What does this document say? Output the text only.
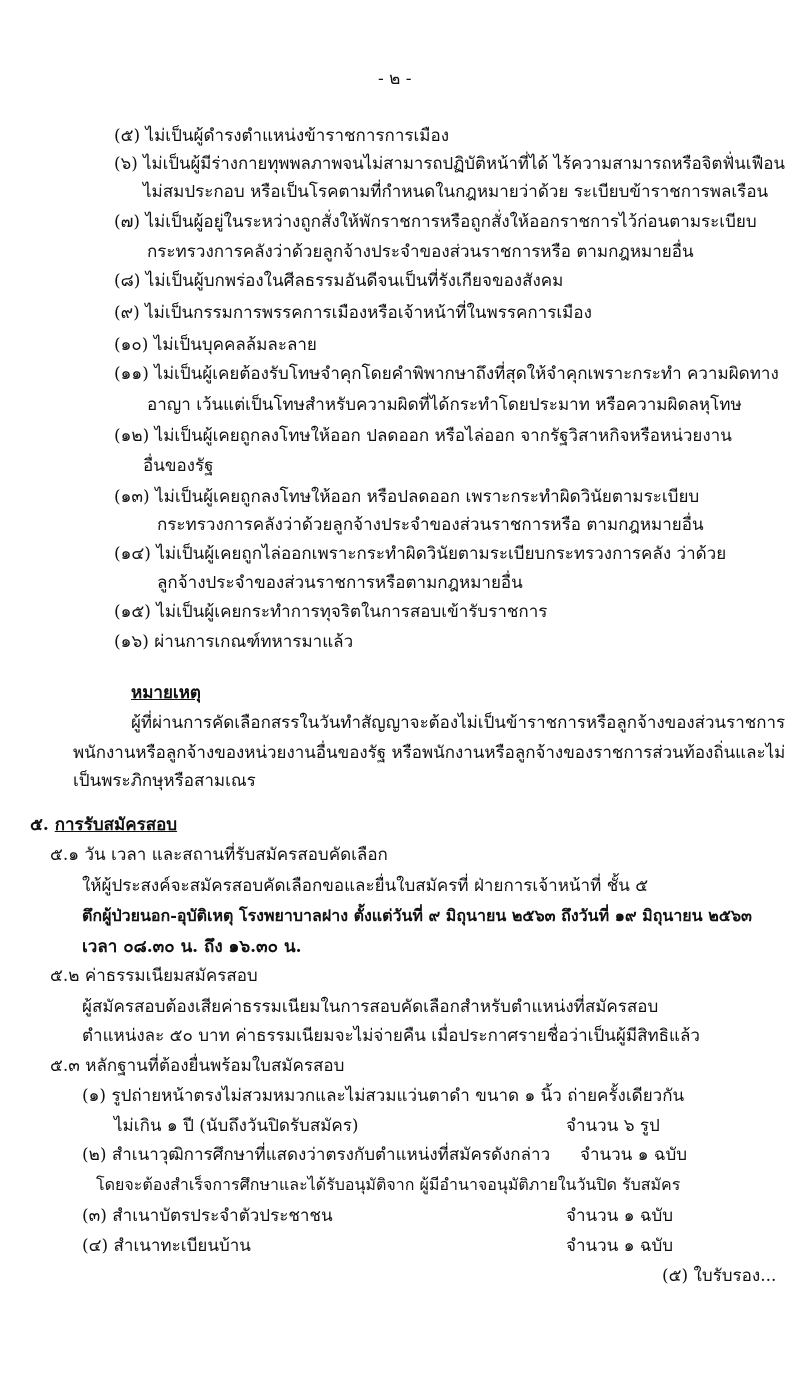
- ๒ -
(๕) ไม่เป็นผู้ดำรงตำแหน่งข้าราชการการเมือง
(๖) ไม่เป็นผู้มีร่างกายทุพพลภาพจนไม่สามารถปฏิบัติหน้าที่ได้ ไร้ความสามารถหรือจิตฟั่นเฟือน
ไม่สมประกอบ หรือเป็นโรคตามที่กำหนดในกฎหมายว่าด้วย ระเบียบข้าราชการพลเรือน
(๗) ไม่เป็นผู้อยู่ในระหว่างถูกสั่งให้พักราชการหรือถูกสั่งให้ออกราชการไว้ก่อนตามระเบียบ
กระทรวงการคลังว่าด้วยลูกจ้างประจำของส่วนราชการหรือ ตามกฎหมายอื่น
(๘) ไม่เป็นผู้บกพร่องในศีลธรรมอันดีจนเป็นที่รังเกียจของสังคม
(๙) ไม่เป็นกรรมการพรรคการเมืองหรือเจ้าหน้าที่ในพรรคการเมือง
(๑๐) ไม่เป็นบุคคลล้มละลาย
(๑๑) ไม่เป็นผู้เคยต้องรับโทษจำคุกโดยคำพิพากษาถึงที่สุดให้จำคุกเพราะกระทำ ความผิดทาง
อาญา เว้นแต่เป็นโทษสำหรับความผิดที่ได้กระทำโดยประมาท หรือความผิดลหุโทษ
(๑๒) ไม่เป็นผู้เคยถูกลงโทษให้ออก ปลดออก หรือไล่ออก จากรัฐวิสาหกิจหรือหน่วยงาน
อื่นของรัฐ
(๑๓) ไม่เป็นผู้เคยถูกลงโทษให้ออก หรือปลดออก เพราะกระทำผิดวินัยตามระเบียบ
กระทรวงการคลังว่าด้วยลูกจ้างประจำของส่วนราชการหรือ ตามกฎหมายอื่น
(๑๔) ไม่เป็นผู้เคยถูกไล่ออกเพราะกระทำผิดวินัยตามระเบียบกระทรวงการคลัง ว่าด้วย
ลูกจ้างประจำของส่วนราชการหรือตามกฎหมายอื่น
(๑๕) ไม่เป็นผู้เคยกระทำการทุจริตในการสอบเข้ารับราชการ
(๑๖) ผ่านการเกณฑ์ทหารมาแล้ว
หมายเหตุ
ผู้ที่ผ่านการคัดเลือกสรรในวันทำสัญญาจะต้องไม่เป็นข้าราชการหรือลูกจ้างของส่วนราชการ
พนักงานหรือลูกจ้างของหน่วยงานอื่นของรัฐ หรือพนักงานหรือลูกจ้างของราชการส่วนท้องถิ่นและไม่
เป็นพระภิกษุหรือสามเณร
๕. การรับสมัครสอบ
๕.๑ วัน เวลา และสถานที่รับสมัครสอบคัดเลือก
ให้ผู้ประสงค์จะสมัครสอบคัดเลือกขอและยื่นใบสมัครที่ ฝ่ายการเจ้าหน้าที่ ชั้น ๕
ตึกผู้ป่วยนอก-อุบัติเหตุ โรงพยาบาลฝาง ตั้งแต่วันที่ ๙ มิถุนายน ๒๕๖๓ ถึงวันที่ ๑๙ มิถุนายน ๒๕๖๓
เวลา ๐๘.๓๐ น. ถึง ๑๖.๓๐ น.
๕.๒ ค่าธรรมเนียมสมัครสอบ
ผู้สมัครสอบต้องเสียค่าธรรมเนียมในการสอบคัดเลือกสำหรับตำแหน่งที่สมัครสอบ
ตำแหน่งละ ๕๐ บาท ค่าธรรมเนียมจะไม่จ่ายคืน เมื่อประกาศรายชื่อว่าเป็นผู้มีสิทธิแล้ว
๕.๓ หลักฐานที่ต้องยื่นพร้อมใบสมัครสอบ
(๑) รูปถ่ายหน้าตรงไม่สวมหมวกและไม่สวมแว่นตาดำ ขนาด ๑ นิ้ว ถ่ายครั้งเดียวกัน
ไม่เกิน ๑ ปี (นับถึงวันปิดรับสมัคร)	จำนวน ๖ รูป
(๒) สำเนาวุฒิการศึกษาที่แสดงว่าตรงกับตำแหน่งที่สมัครดังกล่าว จำนวน ๑ ฉบับ
โดยจะต้องสำเร็จการศึกษาและได้รับอนุมัติจาก ผู้มีอำนาจอนุมัติภายในวันปิด รับสมัคร
(๓) สำเนาบัตรประจำตัวประชาชน	จำนวน ๑ ฉบับ
(๔) สำเนาทะเบียนบ้าน	จำนวน ๑ ฉบับ
(๕) ใบรับรอง...
